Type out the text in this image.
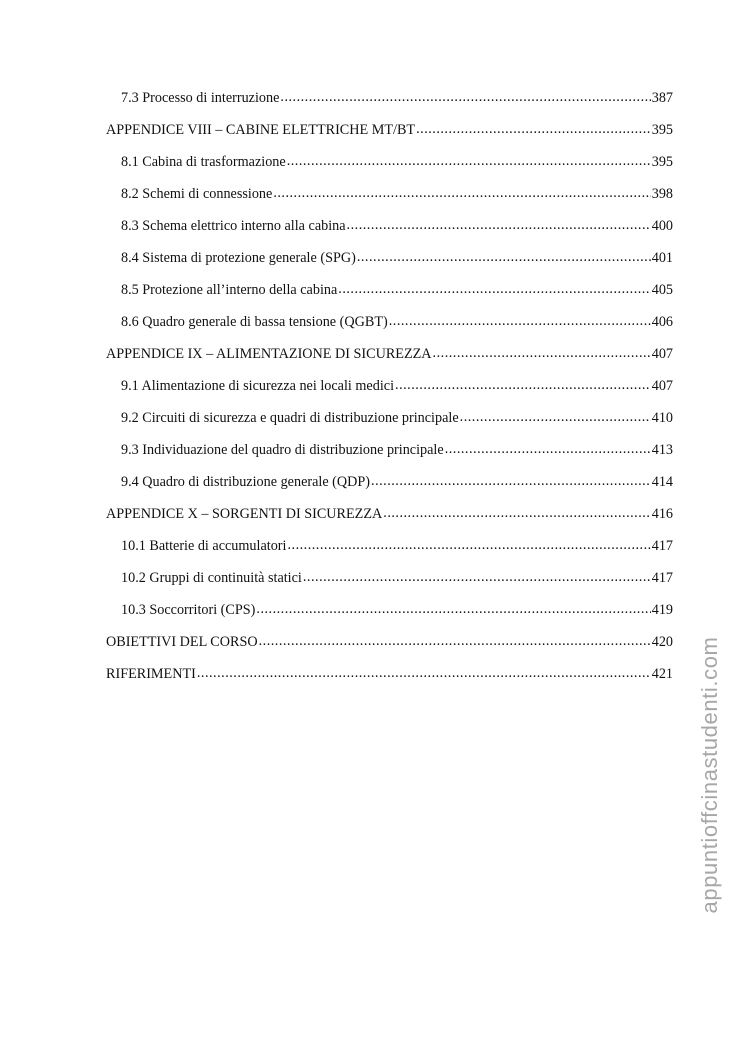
7.3 Processo di interruzione .....	387
APPENDICE VIII – CABINE ELETTRICHE MT/BT .....	395
8.1 Cabina di trasformazione .....	395
8.2 Schemi di connessione .....	398
8.3 Schema elettrico interno alla cabina .....	400
8.4 Sistema di protezione generale (SPG) .....	401
8.5 Protezione all’interno della cabina .....	405
8.6 Quadro generale di bassa tensione (QGBT) .....	406
APPENDICE IX – ALIMENTAZIONE DI SICUREZZA .....	407
9.1 Alimentazione di sicurezza nei locali medici .....	407
9.2 Circuiti di sicurezza e quadri di distribuzione principale .....	410
9.3 Individuazione del quadro di distribuzione principale .....	413
9.4 Quadro di distribuzione generale (QDP) .....	414
APPENDICE X – SORGENTI DI SICUREZZA .....	416
10.1 Batterie di accumulatori .....	417
10.2 Gruppi di continuità statici .....	417
10.3 Soccorritori (CPS) .....	419
OBIETTIVI DEL CORSO .....	420
RIFERIMENTI .....	421 appuntioffcinastudenti.com
